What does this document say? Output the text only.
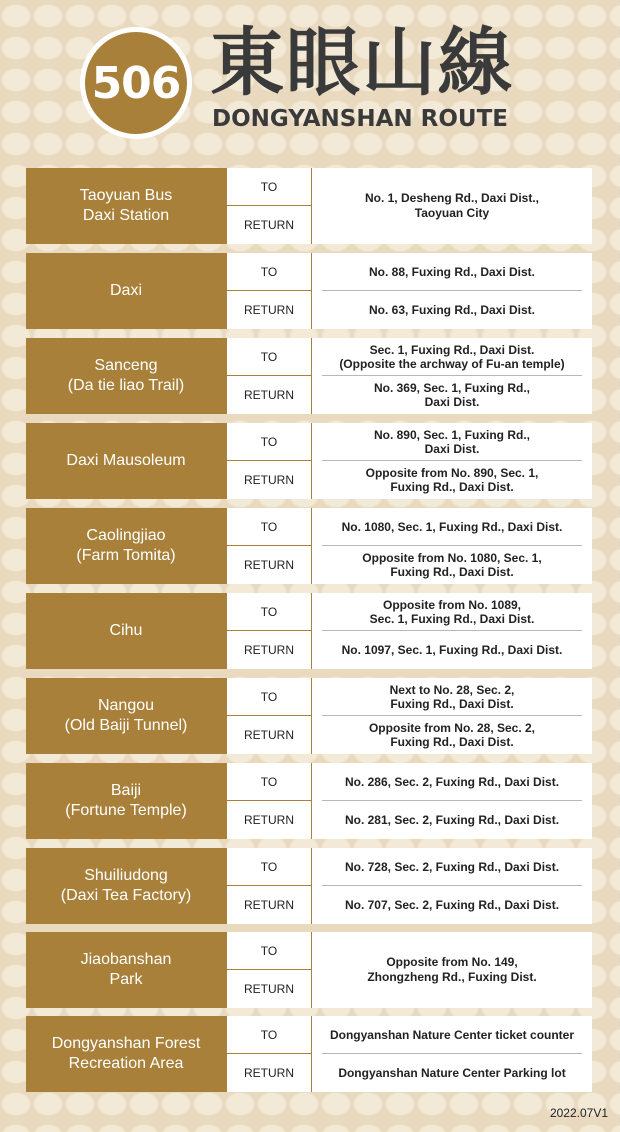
506 東眼山線
DONGYANSHAN ROUTE
Taoyuan Bus
Daxi Station
TO
RETURN
No. 1, Desheng Rd., Daxi Dist.,
Taoyuan City
Daxi
TO
RETURN
No. 88, Fuxing Rd., Daxi Dist.
No. 63, Fuxing Rd., Daxi Dist.
Sanceng
(Da tie liao Trail)
TO
RETURN
Sec. 1, Fuxing Rd., Daxi Dist.
(Opposite the archway of Fu-an temple)
No. 369, Sec. 1, Fuxing Rd.,
Daxi Dist.
Daxi Mausoleum
TO
RETURN
No. 890, Sec. 1, Fuxing Rd.,
Daxi Dist.
Opposite from No. 890, Sec. 1,
Fuxing Rd., Daxi Dist.
Caolingjiao
(Farm Tomita)
TO
RETURN
No. 1080, Sec. 1, Fuxing Rd., Daxi Dist.
Opposite from No. 1080, Sec. 1,
Fuxing Rd., Daxi Dist.
Cihu
TO
RETURN
Opposite from No. 1089,
Sec. 1, Fuxing Rd., Daxi Dist.
No. 1097, Sec. 1, Fuxing Rd., Daxi Dist.
Nangou
(Old Baiji Tunnel)
TO
RETURN
Next to No. 28, Sec. 2,
Fuxing Rd., Daxi Dist.
Opposite from No. 28, Sec. 2,
Fuxing Rd., Daxi Dist.
Baiji
(Fortune Temple)
TO
RETURN
No. 286, Sec. 2, Fuxing Rd., Daxi Dist.
No. 281, Sec. 2, Fuxing Rd., Daxi Dist.
Shuiliudong
(Daxi Tea Factory)
TO
RETURN
No. 728, Sec. 2, Fuxing Rd., Daxi Dist.
No. 707, Sec. 2, Fuxing Rd., Daxi Dist.
Jiaobanshan
Park
TO
RETURN
Opposite from No. 149,
Zhongzheng Rd., Fuxing Dist.
Dongyanshan Forest
Recreation Area
TO
RETURN
Dongyanshan Nature Center ticket counter
Dongyanshan Nature Center Parking lot
2022.07V1
